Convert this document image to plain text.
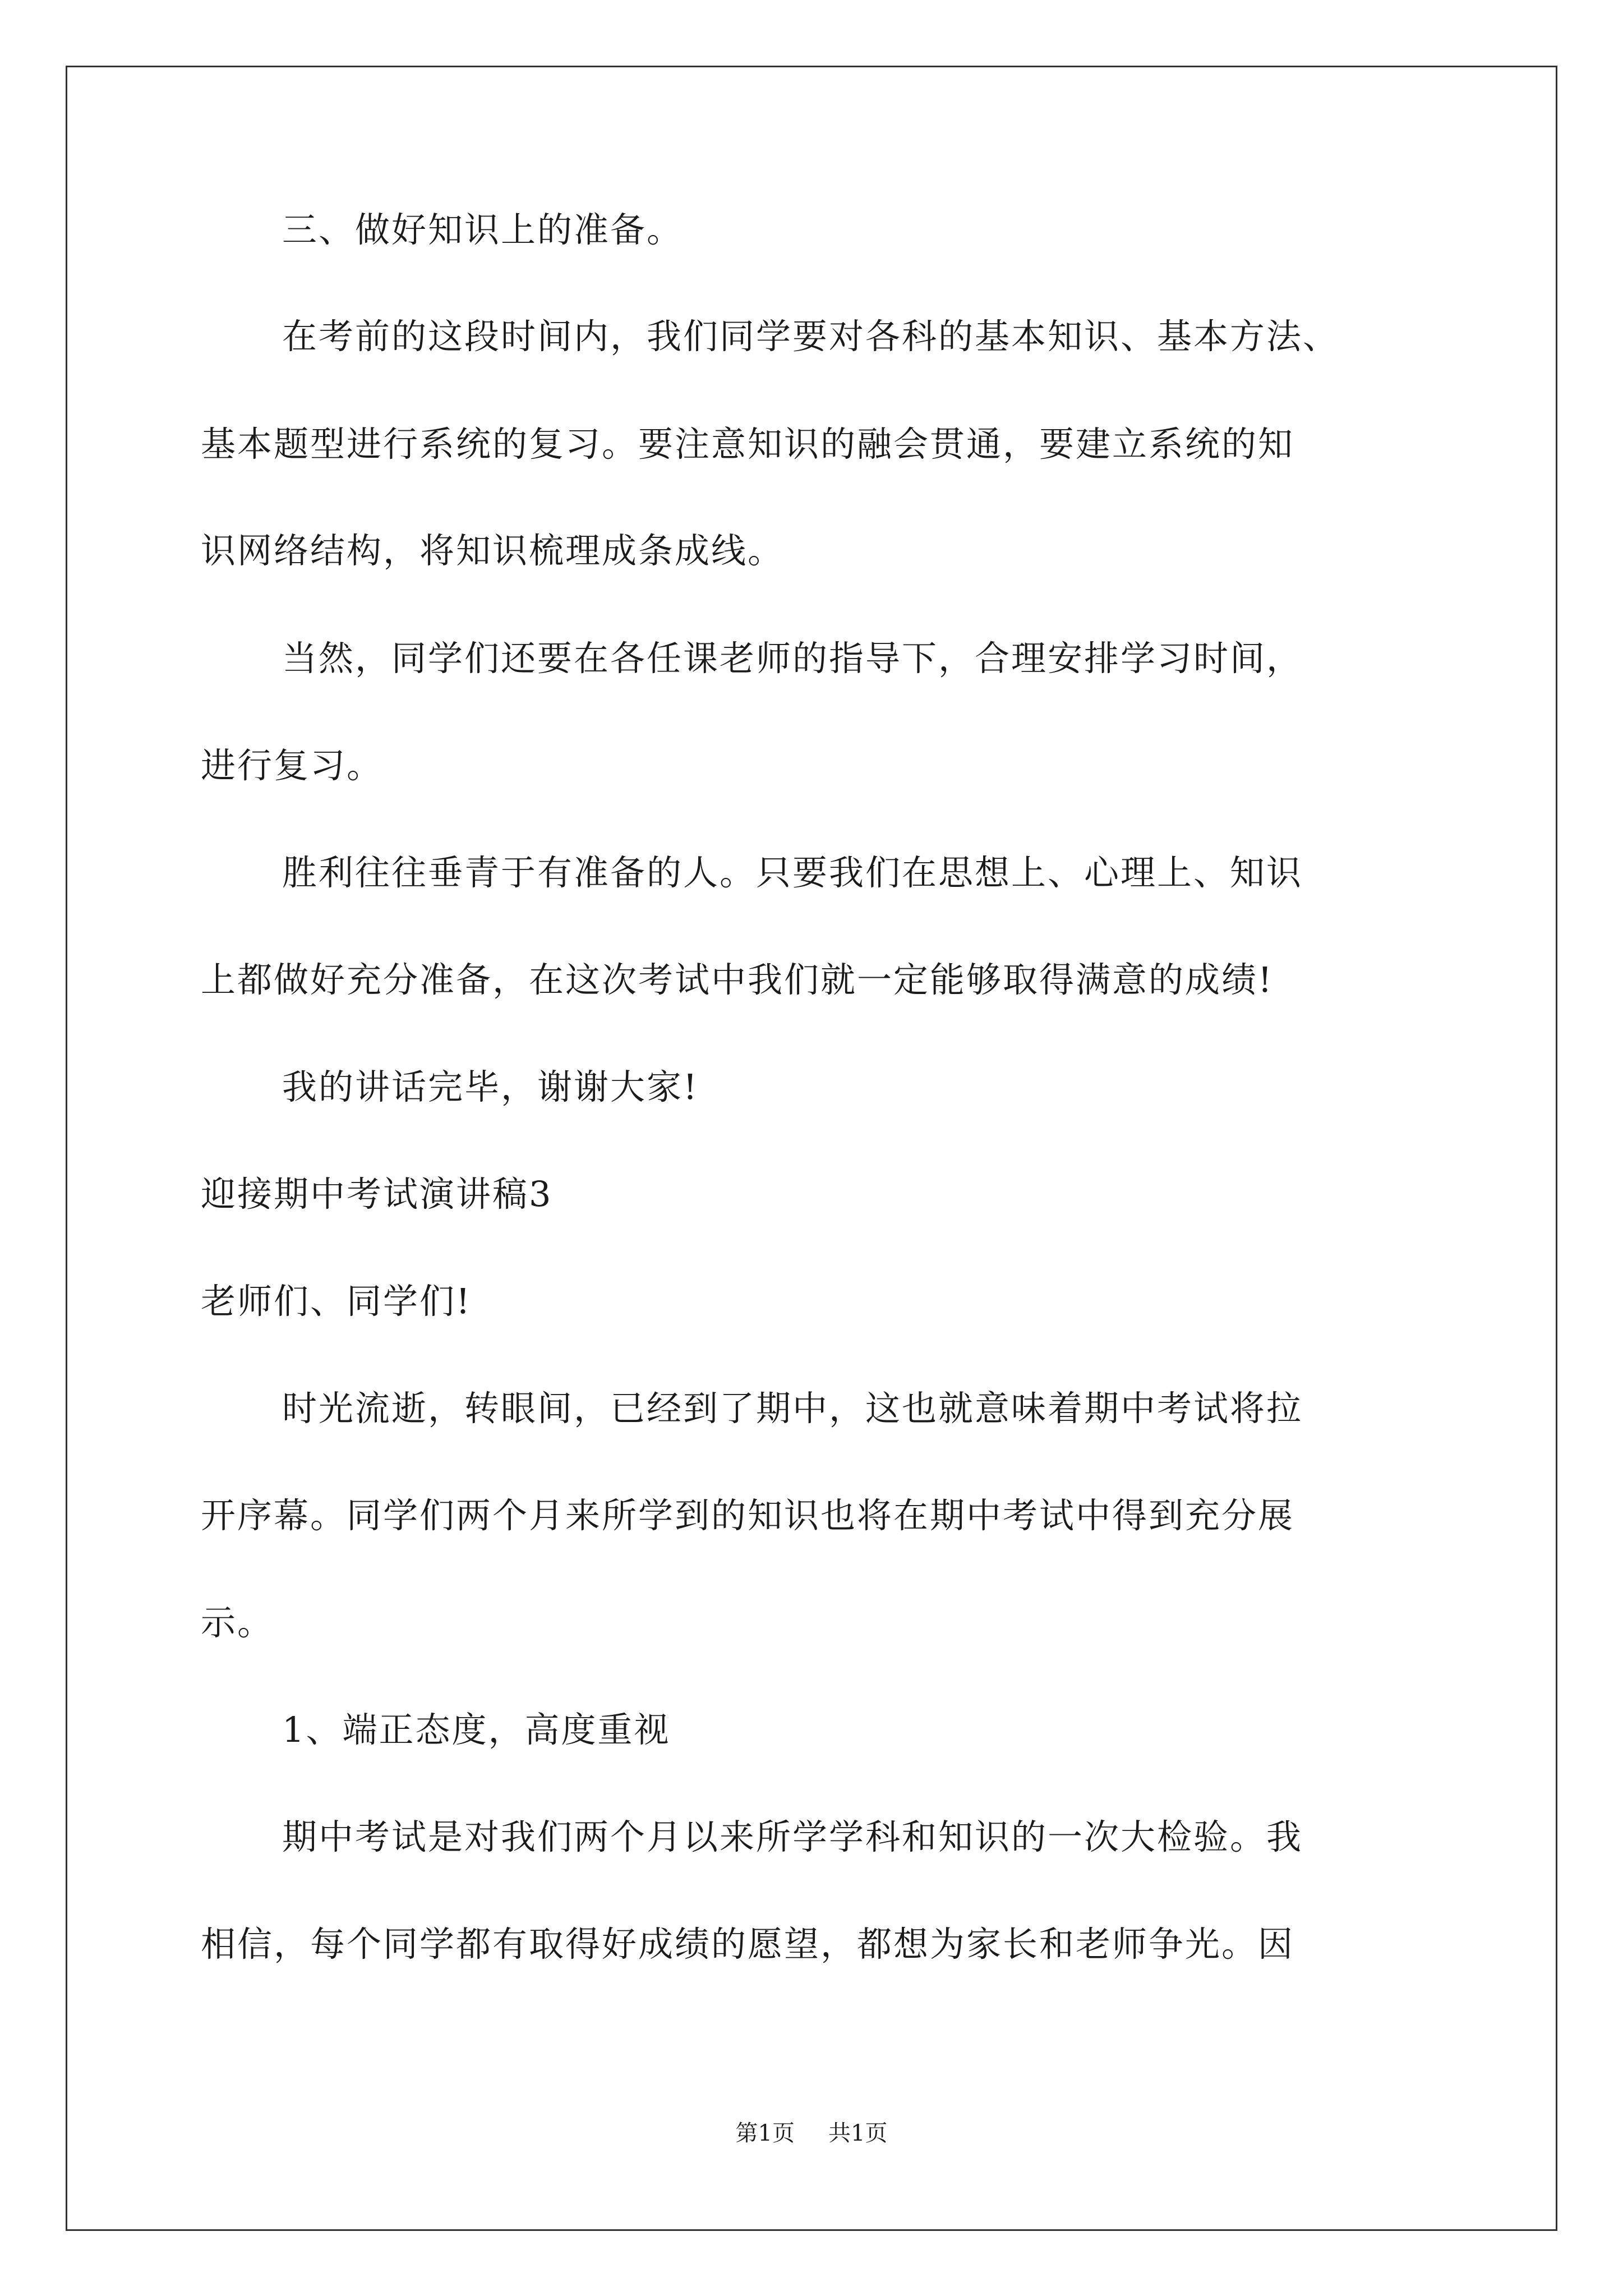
三、做好知识上的准备。
在考前的这段时间内，我们同学要对各科的基本知识、基本方法、
基本题型进行系统的复习。要注意知识的融会贯通，要建立系统的知
识网络结构，将知识梳理成条成线。
当然，同学们还要在各任课老师的指导下，合理安排学习时间，
进行复习。
胜利往往垂青于有准备的人。只要我们在思想上、心理上、知识
上都做好充分准备，在这次考试中我们就一定能够取得满意的成绩!
我的讲话完毕，谢谢大家!
迎接期中考试演讲稿3
老师们、同学们!
时光流逝，转眼间，已经到了期中，这也就意味着期中考试将拉
开序幕。同学们两个月来所学到的知识也将在期中考试中得到充分展
示。
1、端正态度，高度重视
期中考试是对我们两个月以来所学学科和知识的一次大检验。我
相信，每个同学都有取得好成绩的愿望，都想为家长和老师争光。因
第1页 共1页
